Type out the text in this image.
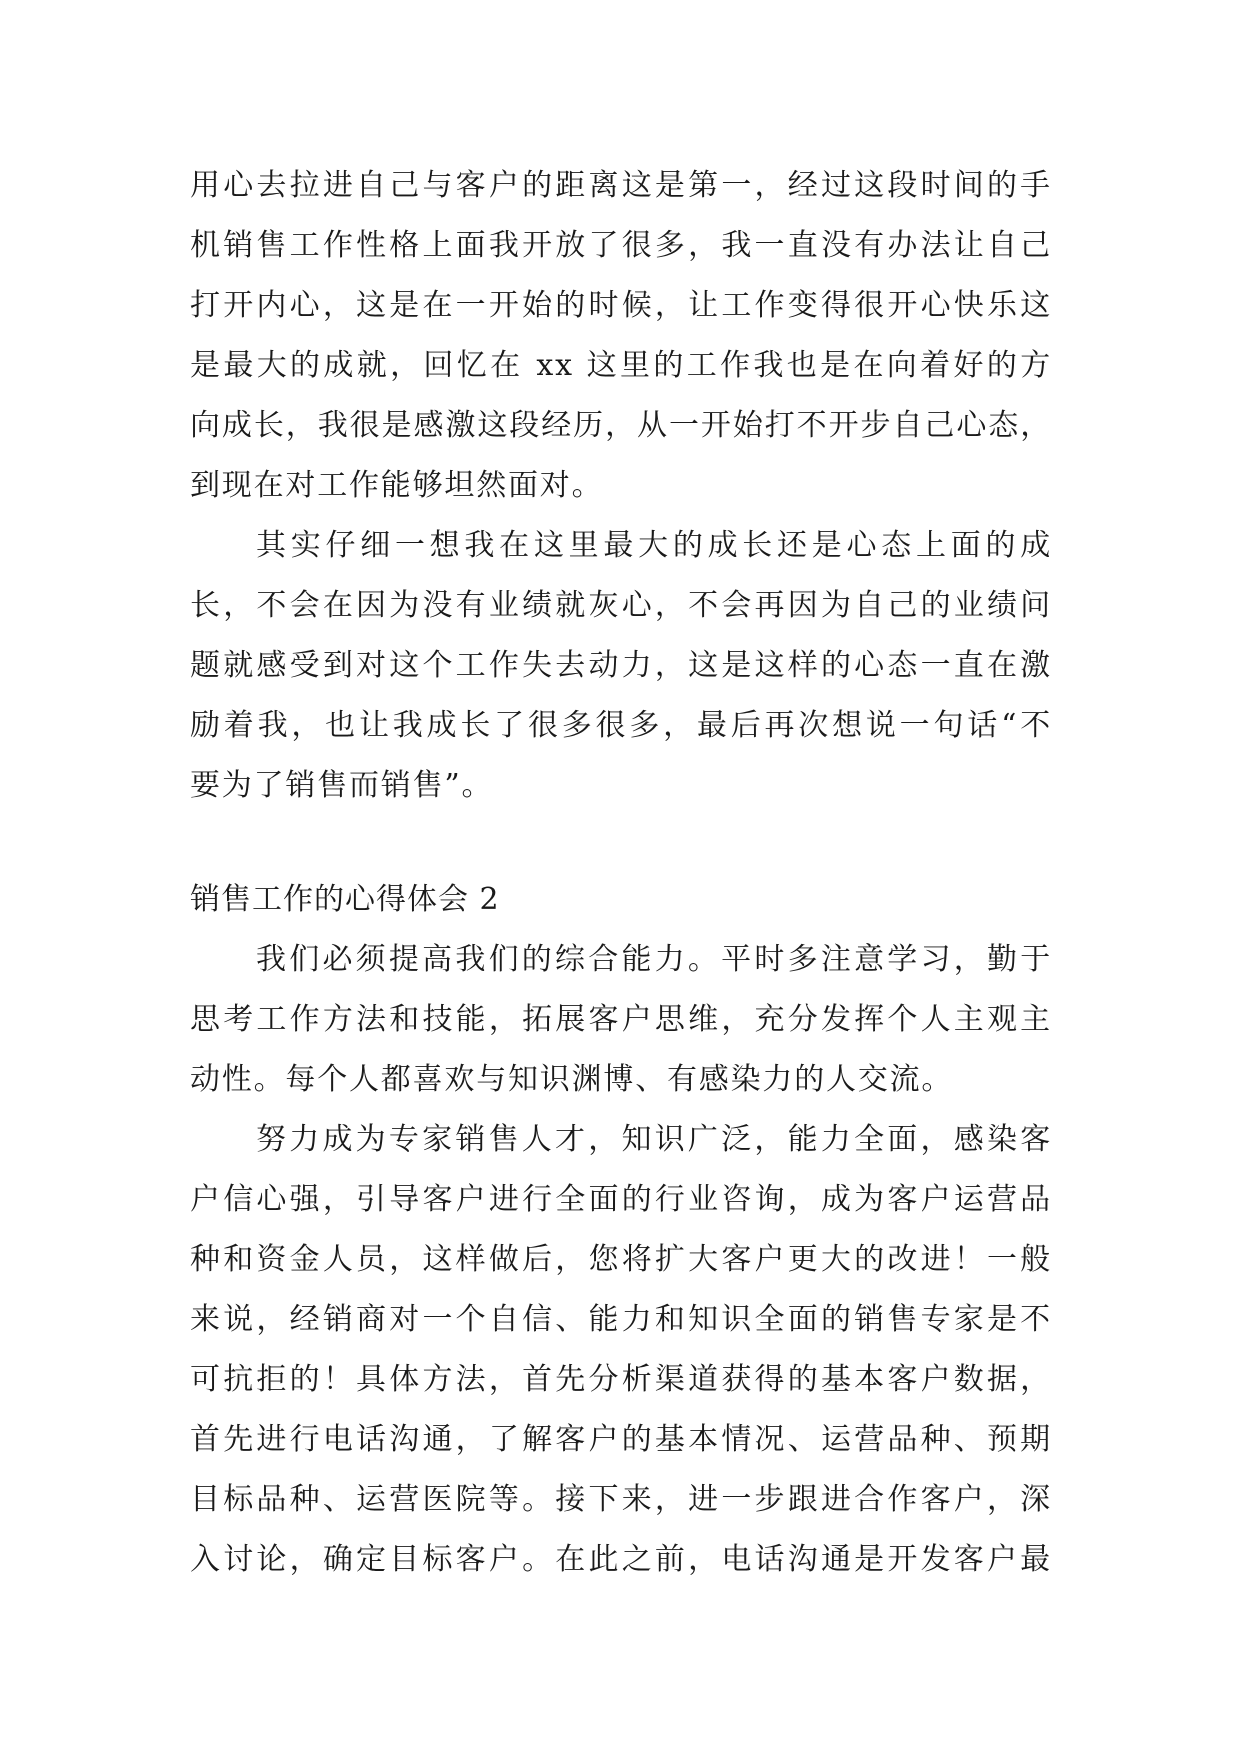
用心去拉进自己与客户的距离这是第一，经过这段时间的手
机销售工作性格上面我开放了很多，我一直没有办法让自己
打开内心，这是在一开始的时候，让工作变得很开心快乐这
是最大的成就，回忆在 xx 这里的工作我也是在向着好的方
向成长，我很是感激这段经历，从一开始打不开步自己心态，
到现在对工作能够坦然面对。
其实仔细一想我在这里最大的成长还是心态上面的成
长，不会在因为没有业绩就灰心，不会再因为自己的业绩问
题就感受到对这个工作失去动力，这是这样的心态一直在激
励着我，也让我成长了很多很多，最后再次想说一句话“不
要为了销售而销售”。
销售工作的心得体会 2
我们必须提高我们的综合能力。平时多注意学习，勤于
思考工作方法和技能，拓展客户思维，充分发挥个人主观主
动性。每个人都喜欢与知识渊博、有感染力的人交流。
努力成为专家销售人才，知识广泛，能力全面，感染客
户信心强，引导客户进行全面的行业咨询，成为客户运营品
种和资金人员，这样做后，您将扩大客户更大的改进！一般
来说，经销商对一个自信、能力和知识全面的销售专家是不
可抗拒的！具体方法，首先分析渠道获得的基本客户数据，
首先进行电话沟通，了解客户的基本情况、运营品种、预期
目标品种、运营医院等。接下来，进一步跟进合作客户，深
入讨论，确定目标客户。在此之前，电话沟通是开发客户最
